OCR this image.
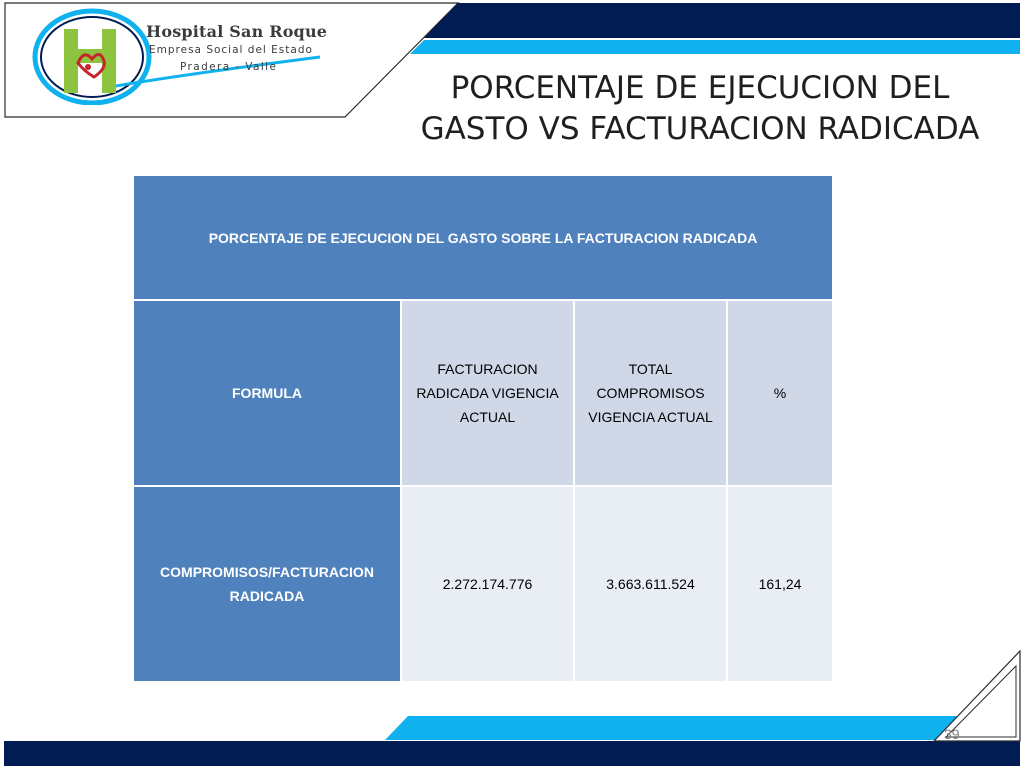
Hospital San Roque
Empresa Social del Estado
Pradera - Valle
PORCENTAJE DE EJECUCION DEL
GASTO VS FACTURACION RADICADA
PORCENTAJE DE EJECUCION DEL GASTO SOBRE LA FACTURACION RADICADA			
FORMULA	FACTURACION RADICADA VIGENCIA ACTUAL	TOTAL COMPROMISOS VIGENCIA ACTUAL	%
COMPROMISOS/FACTURACION RADICADA	2.272.174.776	3.663.611.524	161,24
39
